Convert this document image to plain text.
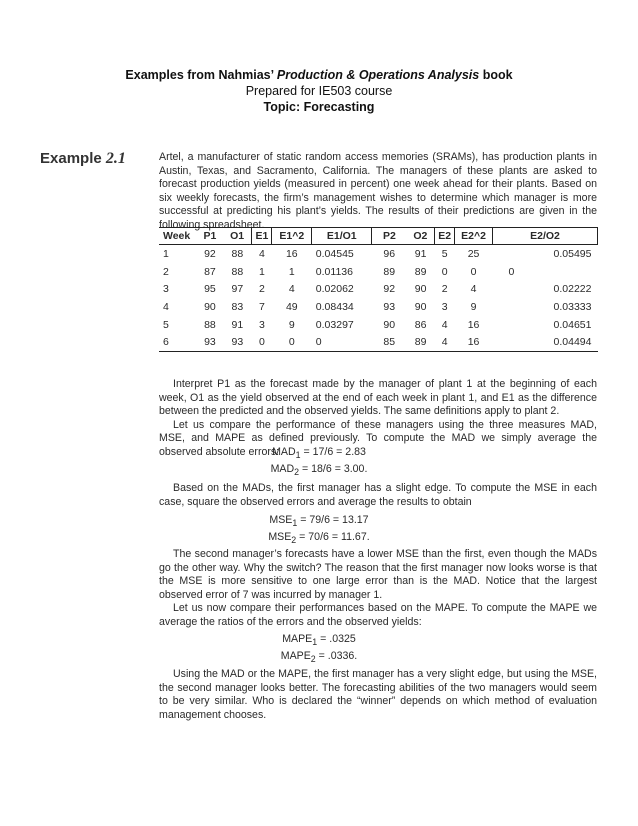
Examples from Nahmias’ Production & Operations Analysis book
Prepared for IE503 course
Topic: Forecasting
Example 2.1	Artel, a manufacturer of static random access memories (SRAMs), has production plants in Austin, Texas, and Sacramento, California. The managers of these plants are asked to forecast production yields (measured in percent) one week ahead for their plants. Based on six weekly forecasts, the firm’s management wishes to determine which manager is more successful at predicting his plant’s yields. The results of their predictions are given in the following spreadsheet.

Week	P1	O1	E1	E1^2	E1/O1	P2	O2	E2	E2^2	E2/O2
1	92	88	4	16	0.04545	96	91	5	25	0.05495
2	87	88	1	1	0.01136	89	89	0	0	0
3	95	97	2	4	0.02062	92	90	2	4	0.02222
4	90	83	7	49	0.08434	93	90	3	9	0.03333
5	88	91	3	9	0.03297	90	86	4	16	0.04651
6	93	93	0	0	0	85	89	4	16	0.04494

Interpret P1 as the forecast made by the manager of plant 1 at the beginning of each week, O1 as the yield observed at the end of each week in plant 1, and E1 as the difference between the predicted and the observed yields. The same definitions apply to plant 2.

Let us compare the performance of these managers using the three measures MAD, MSE, and MAPE as defined previously. To compute the MAD we simply average the observed absolute errors:

$MAD_1 = 17/6 = 2.83$
$MAD_2 = 18/6 = 3.00$.

Based on the MADs, the first manager has a slight edge. To compute the MSE in each case, square the observed errors and average the results to obtain

$MSE_1 = 79/6 = 13.17$
$MSE_2 = 70/6 = 11.67$.

The second manager’s forecasts have a lower MSE than the first, even though the MADs go the other way. Why the switch? The reason that the first manager now looks worse is that the MSE is more sensitive to one large error than is the MAD. Notice that the largest observed error of 7 was incurred by manager 1.

Let us now compare their performances based on the MAPE. To compute the MAPE we average the ratios of the errors and the observed yields:

$MAPE_1 = .0325$
$MAPE_2 = .0336$.

Using the MAD or the MAPE, the first manager has a very slight edge, but using the MSE, the second manager looks better. The forecasting abilities of the two managers would seem to be very similar. Who is declared the “winner” depends on which method of evaluation management chooses.
